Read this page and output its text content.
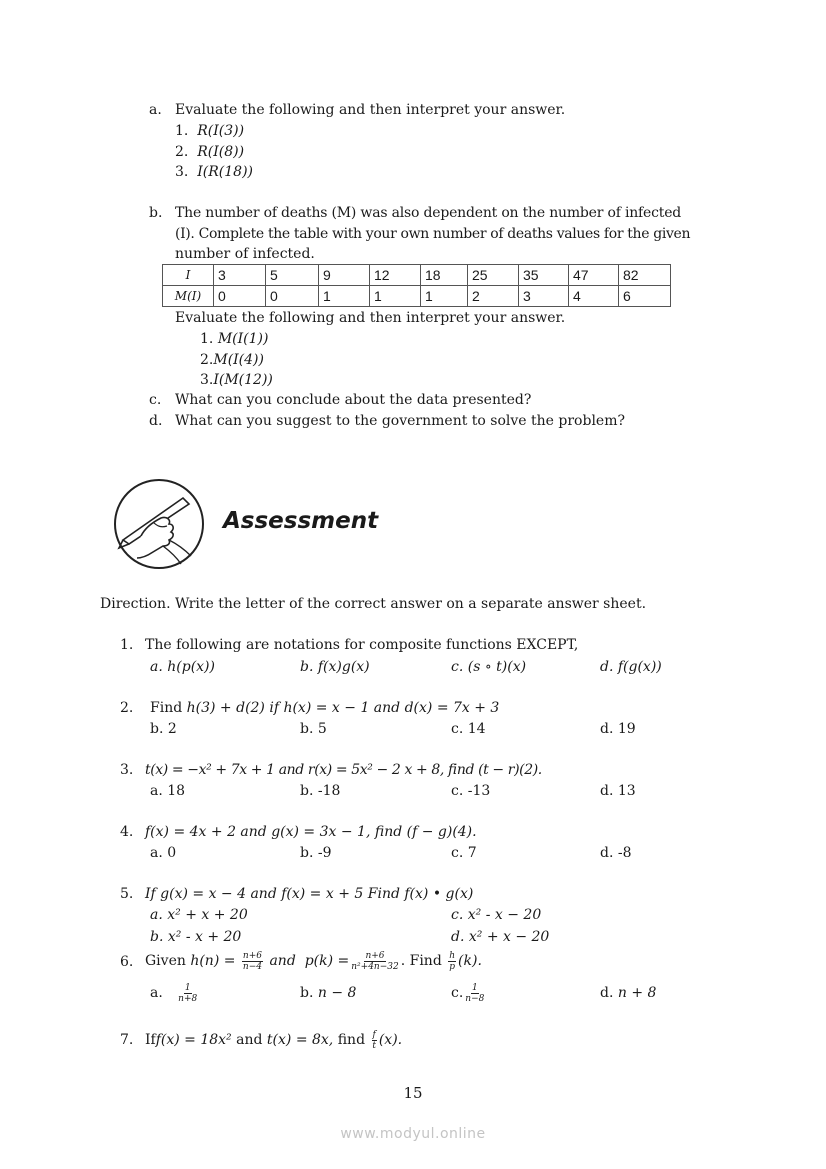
a. Evaluate the following and then interpret your answer.
1. R(I(3))
2. R(I(8))
3. I(R(18))
b. The number of deaths (M) was also dependent on the number of infected
(I). Complete the table with your own number of deaths values for the given
number of infected.
I	3	5	9	12	18	25	35	47	82
M(I)	0	0	1	1	1	2	3	4	6
Evaluate the following and then interpret your answer.
1. M(I(1))
2.M(I(4))
3.I(M(12))
c. What can you conclude about the data presented?
d. What can you suggest to the government to solve the problem?
Assessment
Direction. Write the letter of the correct answer on a separate answer sheet.
1. The following are notations for composite functions EXCEPT,
a. h(p(x))	b. f(x)g(x)	c. (s ∘ t)(x)	d. f(g(x))
2. Find h(3) + d(2) if h(x) = x − 1 and d(x) = 7x + 3
b. 2	b. 5	c. 14	d. 19
3. t(x) = −x² + 7x + 1 and r(x) = 5x² − 2 x + 8, find (t − r)(2).
a. 18	b. -18	c. -13	d. 13
4. f(x) = 4x + 2 and g(x) = 3x − 1, find (f − g)(4).
a. 0	b. -9	c. 7	d. -8
5. If g(x) = x − 4 and f(x) = x + 5 Find f(x) • g(x)
a. x² + x + 20	c. x² - x − 20
b. x² - x + 20	d. x² + x − 20
6. Given $h(n) = \frac{n+6}{n-4}$ and $p(k) = \frac{n+6}{\text{n²+4n−32}}$ . Find $\frac{h}{p} (k)$.
a. $\frac{1}{n+8}$	b. n − 8	c. $\frac{1}{n-8}$	d. n + 8
7. Iff(x) = 18x² and t(x) = 8x, find $\frac{f}{t} (x)$.
15
www.modyul.online
